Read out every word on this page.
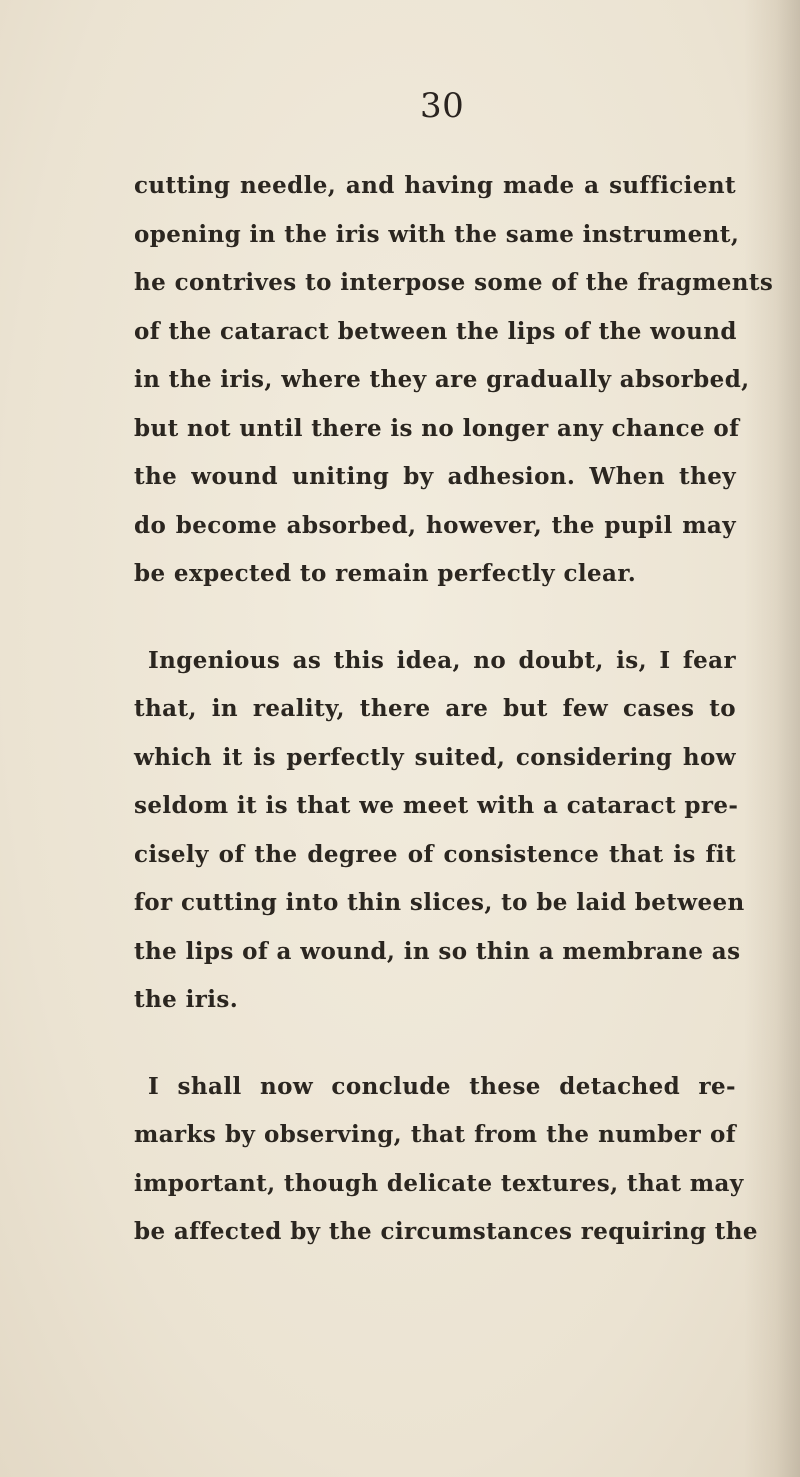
30
cutting needle, and having made a sufficient
opening in the iris with the same instrument,
he contrives to interpose some of the fragments
of the cataract between the lips of the wound
in the iris, where they are gradually absorbed,
but not until there is no longer any chance of
the wound uniting by adhesion. When they
do become absorbed, however, the pupil may
be expected to remain perfectly clear.
Ingenious as this idea, no doubt, is, I fear
that, in reality, there are but few cases to
which it is perfectly suited, considering how
seldom it is that we meet with a cataract pre-
cisely of the degree of consistence that is fit
for cutting into thin slices, to be laid between
the lips of a wound, in so thin a membrane as
the iris.
I shall now conclude these detached re-
marks by observing, that from the number of
important, though delicate textures, that may
be affected by the circumstances requiring the
